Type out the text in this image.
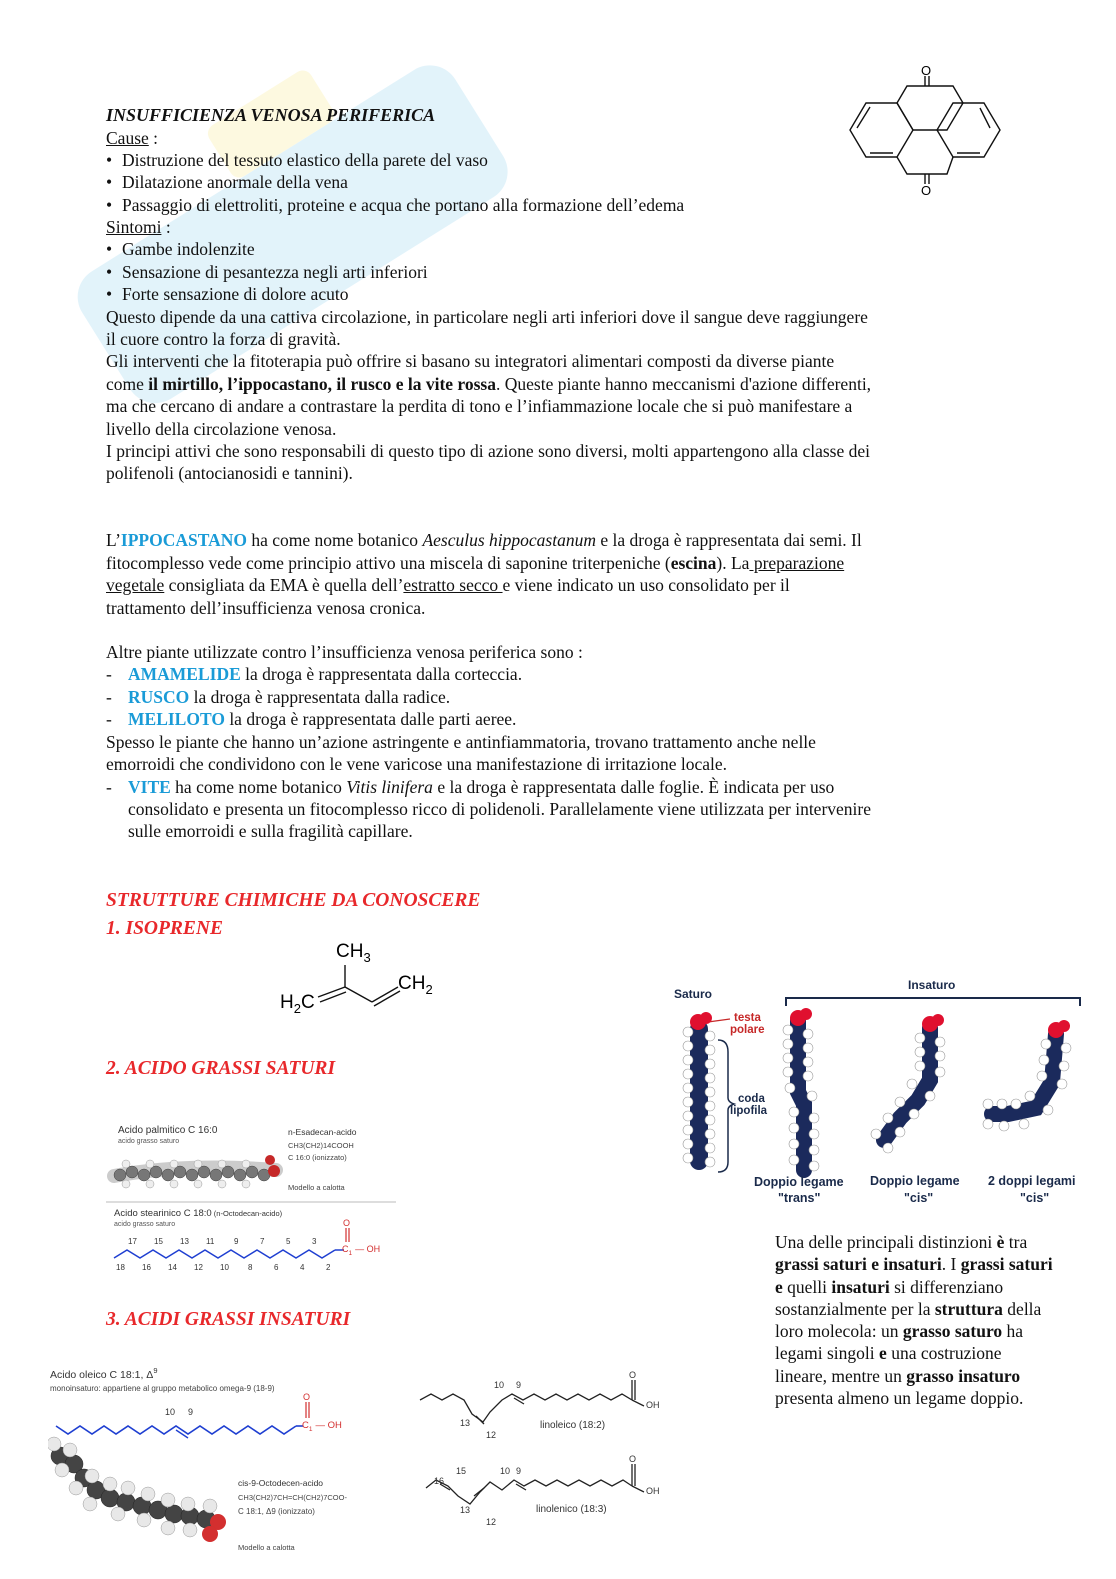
O
O
INSUFFICIENZA VENOSA PERIFERICA
Cause :
• Distruzione del tessuto elastico della parete del vaso
• Dilatazione anormale della vena
• Passaggio di elettroliti, proteine e acqua che portano alla formazione dell’edema
Sintomi :
• Gambe indolenzite
• Sensazione di pesantezza negli arti inferiori
• Forte sensazione di dolore acuto
Questo dipende da una cattiva circolazione, in particolare negli arti inferiori dove il sangue deve raggiungere
il cuore contro la forza di gravità.
Gli interventi che la fitoterapia può offrire si basano su integratori alimentari composti da diverse piante
come il mirtillo, l’ippocastano, il rusco e la vite rossa. Queste piante hanno meccanismi d'azione differenti,
ma che cercano di andare a contrastare la perdita di tono e l’infiammazione locale che si può manifestare a
livello della circolazione venosa.
I principi attivi che sono responsabili di questo tipo di azione sono diversi, molti appartengono alla classe dei
polifenoli (antocianosidi e tannini).
L’IPPOCASTANO ha come nome botanico Aesculus hippocastanum e la droga è rappresentata dai semi. Il
fitocomplesso vede come principio attivo una miscela di saponine triterpeniche (escina). La preparazione
vegetale consigliata da EMA è quella dell’estratto secco e viene indicato un uso consolidato per il
trattamento dell’insufficienza venosa cronica.
Altre piante utilizzate contro l’insufficienza venosa periferica sono :
- AMAMELIDE la droga è rappresentata dalla corteccia.
- RUSCO la droga è rappresentata dalla radice.
- MELILOTO la droga è rappresentata dalle parti aeree.
Spesso le piante che hanno un’azione astringente e antinfiammatoria, trovano trattamento anche nelle
emorroidi che condividono con le vene varicose una manifestazione di irritazione locale.
- VITE ha come nome botanico Vitis linifera e la droga è rappresentata dalle foglie. È indicata per uso
consolidato e presenta un fitocomplesso ricco di polidenoli. Parallelamente viene utilizzata per intervenire
sulle emorroidi e sulla fragilità capillare.
STRUTTURE CHIMICHE DA CONOSCERE
1. ISOPRENE
$CH_3$
$H_2C$
$CH_2$
2. ACIDO GRASSI SATURI
Acido palmitico C 16:0
acido grasso saturo
n-Esadecan-acido
CH3(CH2)14COOH
C 16:0 (ionizzato)
Modello a calotta
Acido stearinico C 18:0 (n-Octodecan-acido)
acido grasso saturo	O
$C_1$ — OH
17 15 13 11 9	7	5	3
18 16 14 12 10 8	6	4	2
3. ACIDI GRASSI INSATURI
Acido oleico C 18:1, $\Delta^9$
monoinsaturo: appartiene al gruppo metabolico omega-9 (18-9)
10 9
O
$C_1$ — OH
cis-9-Octodecen-acido
CH3(CH2)7CH=CH(CH2)7COO-
C 18:1, Δ9 (ionizzato)
Modello a calotta
10 9
13
12
O
OH
linoleico (18:2)
16
15	10 9
13
12
O
OH
linolenico (18:3)
Saturo
Insaturo
testa
polare
coda
lipofila
Doppio legame
"trans"
Doppio legame
"cis"
2 doppi legami
"cis"
Una delle principali distinzioni è tra
grassi saturi e insaturi. I grassi saturi
e quelli insaturi si differenziano
sostanzialmente per la struttura della
loro molecola: un grasso saturo ha
legami singoli e una costruzione
lineare, mentre un grasso insaturo
presenta almeno un legame doppio.
